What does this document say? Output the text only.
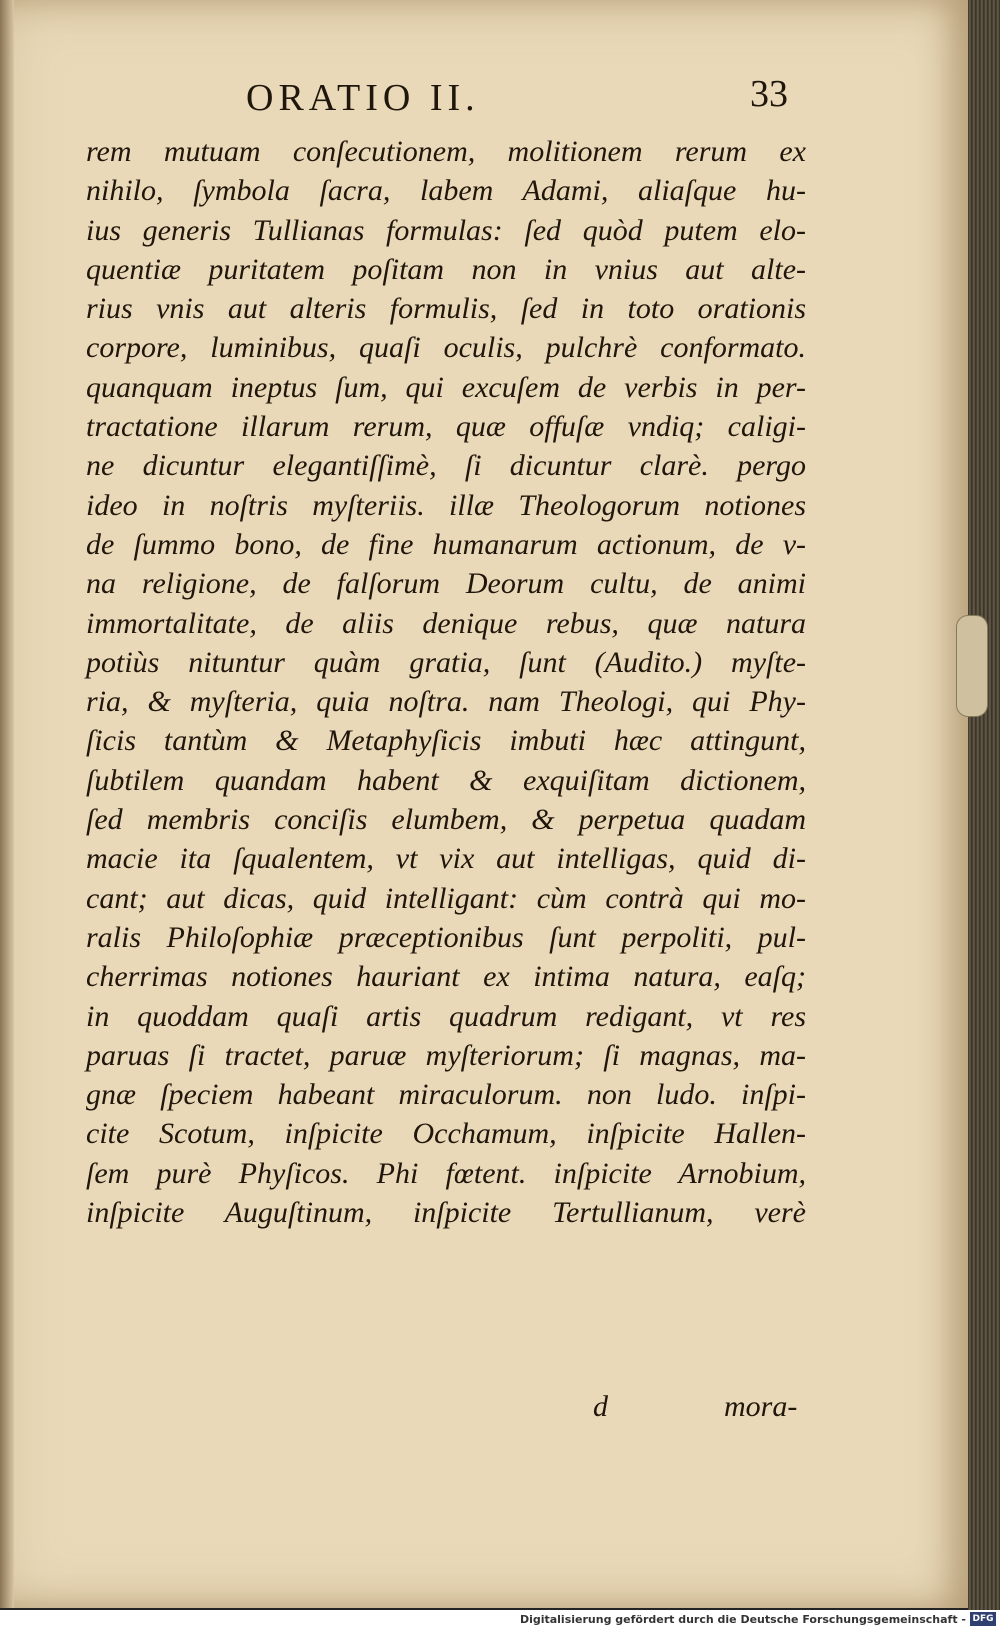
ORATIO II.	33
rem mutuam conſecutionem, molitionem rerum ex
nihilo, ſymbola ſacra, labem Adami, aliaſque hu-
ius generis Tullianas formulas: ſed quòd putem elo-
quentiæ puritatem poſitam non in vnius aut alte-
rius vnis aut alteris formulis, ſed in toto orationis
corpore, luminibus, quaſi oculis, pulchrè conformato.
quanquam ineptus ſum, qui excuſem de verbis in per-
tractatione illarum rerum, quæ offuſæ vndiq; caligi-
ne dicuntur elegantiſſimè, ſi dicuntur clarè. pergo
ideo in noſtris myſteriis. illæ Theologorum notiones
de ſummo bono, de fine humanarum actionum, de v-
na religione, de falſorum Deorum cultu, de animi
immortalitate, de aliis denique rebus, quæ natura
potiùs nituntur quàm gratia, ſunt (Audito.) myſte-
ria, & myſteria, quia noſtra. nam Theologi, qui Phy-
ſicis tantùm & Metaphyſicis imbuti hæc attingunt,
ſubtilem quandam habent & exquiſitam dictionem,
ſed membris conciſis elumbem, & perpetua quadam
macie ita ſqualentem, vt vix aut intelligas, quid di-
cant; aut dicas, quid intelligant: cùm contrà qui mo-
ralis Philoſophiæ præceptionibus ſunt perpoliti, pul-
cherrimas notiones hauriant ex intima natura, eaſq;
in quoddam quaſi artis quadrum redigant, vt res
paruas ſi tractet, paruæ myſteriorum; ſi magnas, ma-
gnæ ſpeciem habeant miraculorum. non ludo. inſpi-
cite Scotum, inſpicite Occhamum, inſpicite Hallen-
ſem purè Phyſicos. Phi fœtent. inſpicite Arnobium,
inſpicite Auguſtinum, inſpicite Tertullianum, verè
d	mora-
Digitalisierung gefördert durch die Deutsche Forschungsgemeinschaft - DFG
